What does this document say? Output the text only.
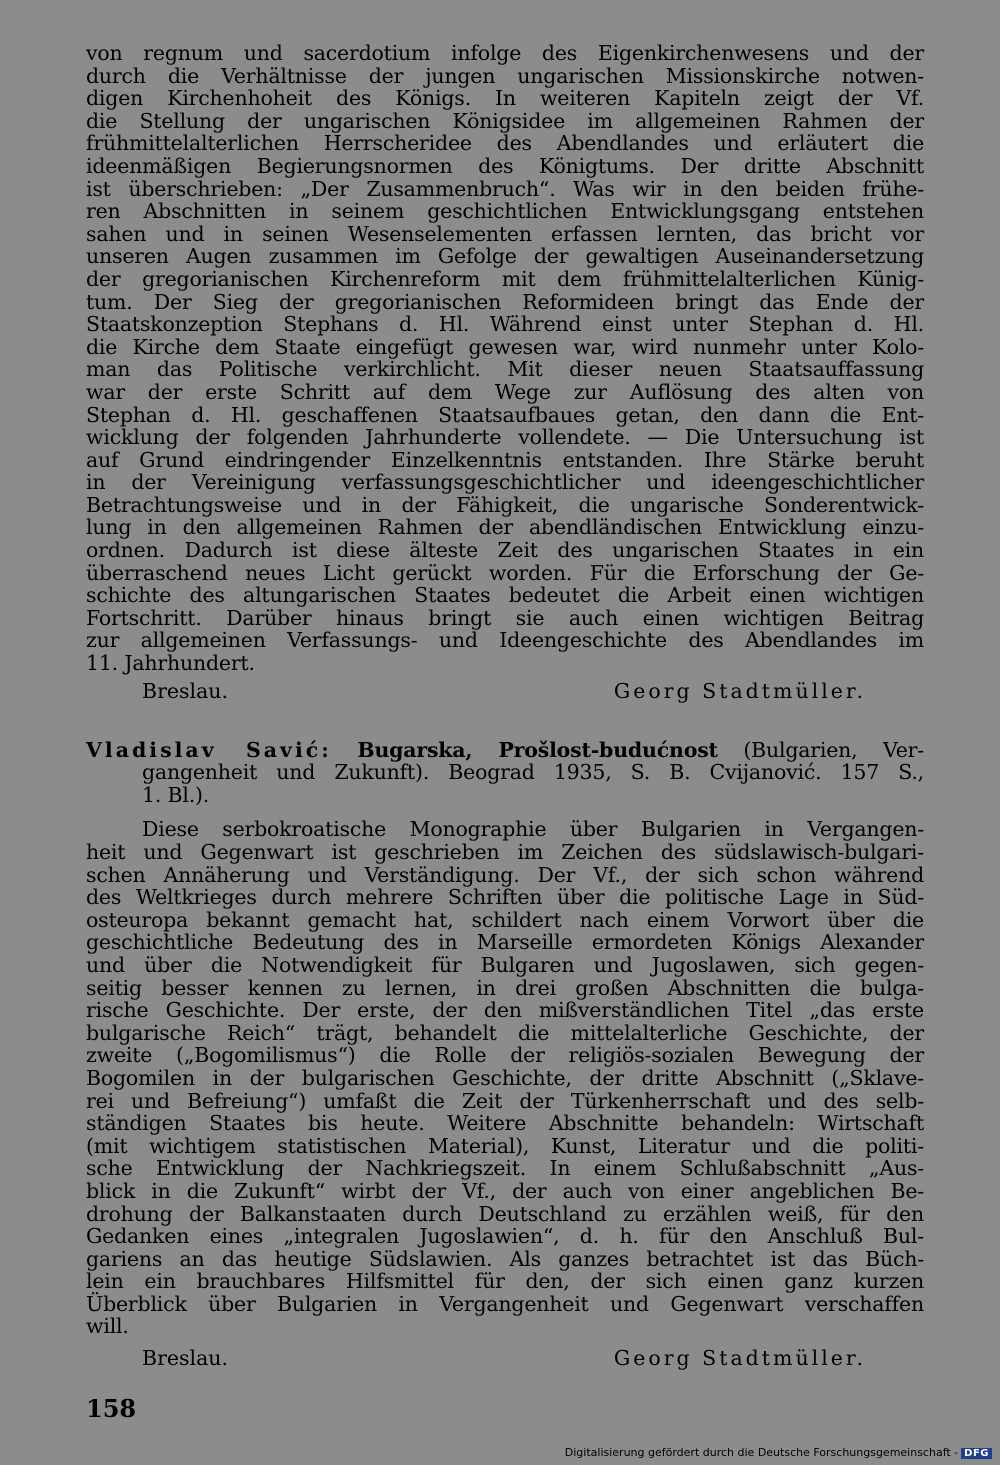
von regnum und sacerdotium infolge des Eigenkirchenwesens und der
durch die Verhältnisse der jungen ungarischen Missionskirche notwen-
digen Kirchenhoheit des Königs. In weiteren Kapiteln zeigt der Vf.
die Stellung der ungarischen Königsidee im allgemeinen Rahmen der
frühmittelalterlichen Herrscheridee des Abendlandes und erläutert die
ideenmäßigen Begierungsnormen des Königtums. Der dritte Abschnitt
ist überschrieben: „Der Zusammenbruch“. Was wir in den beiden frühe-
ren Abschnitten in seinem geschichtlichen Entwicklungsgang entstehen
sahen und in seinen Wesenselementen erfassen lernten, das bricht vor
unseren Augen zusammen im Gefolge der gewaltigen Auseinandersetzung
der gregorianischen Kirchenreform mit dem frühmittelalterlichen Künig-
tum. Der Sieg der gregorianischen Reformideen bringt das Ende der
Staatskonzeption Stephans d. Hl. Während einst unter Stephan d. Hl.
die Kirche dem Staate eingefügt gewesen war, wird nunmehr unter Kolo-
man das Politische verkirchlicht. Mit dieser neuen Staatsauffassung
war der erste Schritt auf dem Wege zur Auflösung des alten von
Stephan d. Hl. geschaffenen Staatsaufbaues getan, den dann die Ent-
wicklung der folgenden Jahrhunderte vollendete. — Die Untersuchung ist
auf Grund eindringender Einzelkenntnis entstanden. Ihre Stärke beruht
in der Vereinigung verfassungsgeschichtlicher und ideengeschichtlicher
Betrachtungsweise und in der Fähigkeit, die ungarische Sonderentwick-
lung in den allgemeinen Rahmen der abendländischen Entwicklung einzu-
ordnen. Dadurch ist diese älteste Zeit des ungarischen Staates in ein
überraschend neues Licht gerückt worden. Für die Erforschung der Ge-
schichte des altungarischen Staates bedeutet die Arbeit einen wichtigen
Fortschritt. Darüber hinaus bringt sie auch einen wichtigen Beitrag
zur allgemeinen Verfassungs- und Ideengeschichte des Abendlandes im
11. Jahrhundert.
Breslau.	Georg Stadtmüller.
Vladislav Savić: Bugarska, Prošlost-budućnost (Bulgarien, Ver-
gangenheit und Zukunft). Beograd 1935, S. B. Cvijanović. 157 S.,
1. Bl.).
Diese serbokroatische Monographie über Bulgarien in Vergangen-
heit und Gegenwart ist geschrieben im Zeichen des südslawisch-bulgari-
schen Annäherung und Verständigung. Der Vf., der sich schon während
des Weltkrieges durch mehrere Schriften über die politische Lage in Süd-
osteuropa bekannt gemacht hat, schildert nach einem Vorwort über die
geschichtliche Bedeutung des in Marseille ermordeten Königs Alexander
und über die Notwendigkeit für Bulgaren und Jugoslawen, sich gegen-
seitig besser kennen zu lernen, in drei großen Abschnitten die bulga-
rische Geschichte. Der erste, der den mißverständlichen Titel „das erste
bulgarische Reich“ trägt, behandelt die mittelalterliche Geschichte, der
zweite („Bogomilismus“) die Rolle der religiös-sozialen Bewegung der
Bogomilen in der bulgarischen Geschichte, der dritte Abschnitt („Sklave-
rei und Befreiung“) umfaßt die Zeit der Türkenherrschaft und des selb-
ständigen Staates bis heute. Weitere Abschnitte behandeln: Wirtschaft
(mit wichtigem statistischen Material), Kunst, Literatur und die politi-
sche Entwicklung der Nachkriegszeit. In einem Schlußabschnitt „Aus-
blick in die Zukunft“ wirbt der Vf., der auch von einer angeblichen Be-
drohung der Balkanstaaten durch Deutschland zu erzählen weiß, für den
Gedanken eines „integralen Jugoslawien“, d. h. für den Anschluß Bul-
gariens an das heutige Südslawien. Als ganzes betrachtet ist das Büch-
lein ein brauchbares Hilfsmittel für den, der sich einen ganz kurzen
Überblick über Bulgarien in Vergangenheit und Gegenwart verschaffen
will.
Breslau.	Georg Stadtmüller.
158
Digitalisierung gefördert durch die Deutsche Forschungsgemeinschaft - DFG
